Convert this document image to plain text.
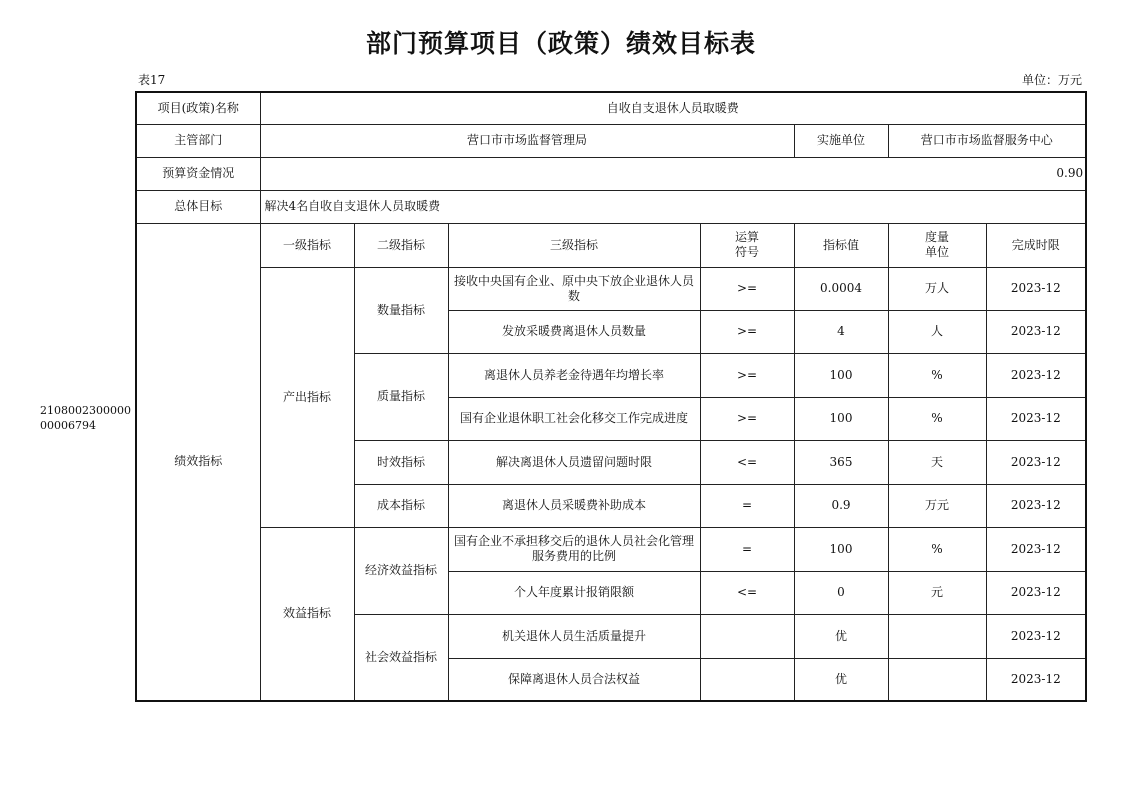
部门预算项目（政策）绩效目标表
表17	单位：万元
210800230000000006794
项目(政策)名称	自收自支退休人员取暖费						
主管部门	营口市市场监督管理局				实施单位	营口市市场监督服务中心	
预算资金情况	0.90						
总体目标	解决4名自收自支退休人员取暖费						
绩效指标	一级指标	二级指标	三级指标	运算符号	指标值	度量单位	完成时限
	产出指标	数量指标	接收中央国有企业、原中央下放企业退休人员数	>=	0.0004	万人	2023-12
			发放采暖费离退休人员数量	>=	4	人	2023-12
		质量指标	离退休人员养老金待遇年均增长率	>=	100	%	2023-12
			国有企业退休职工社会化移交工作完成进度	>=	100	%	2023-12
		时效指标	解决离退休人员遗留问题时限	<=	365	天	2023-12
		成本指标	离退休人员采暖费补助成本	=	0.9	万元	2023-12
	效益指标	经济效益指标	国有企业不承担移交后的退休人员社会化管理服务费用的比例	=	100	%	2023-12
			个人年度累计报销限额	<=	0	元	2023-12
		社会效益指标	机关退休人员生活质量提升		优		2023-12
			保障离退休人员合法权益		优		2023-12
